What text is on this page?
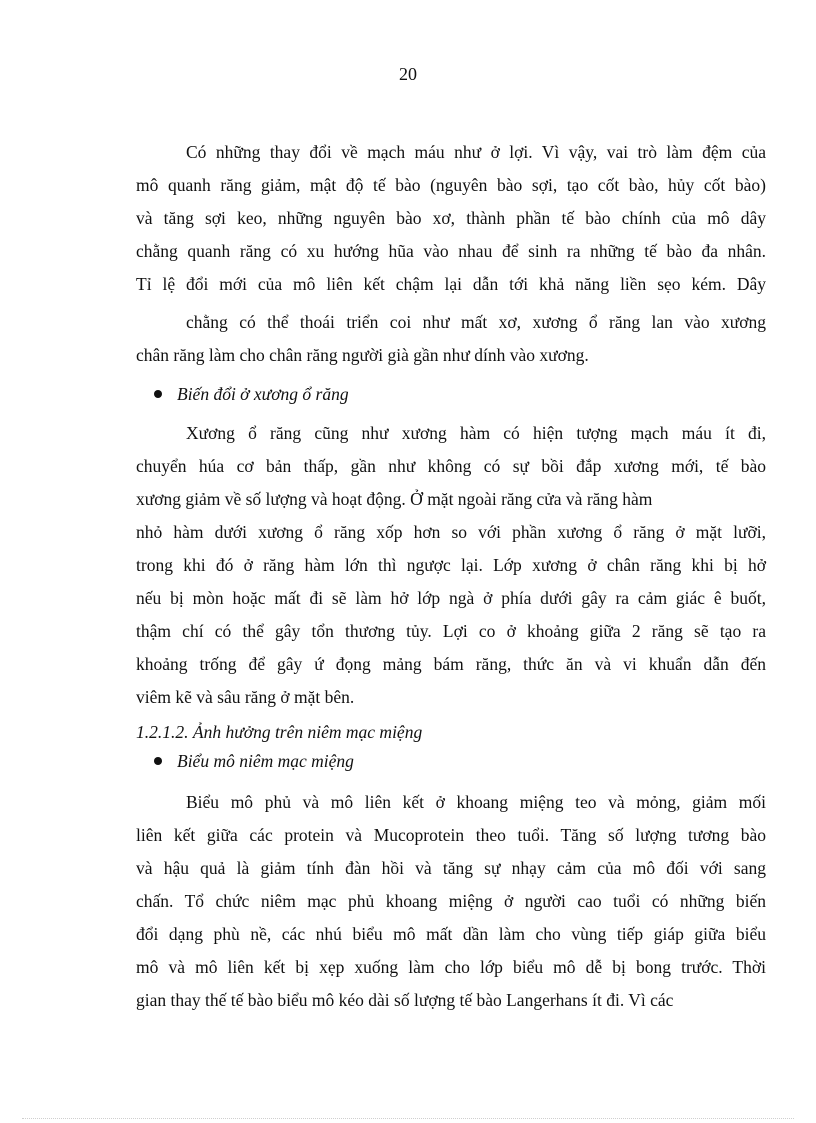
20
Có những thay đổi về mạch máu như ở lợi. Vì vậy, vai trò làm đệm của
mô quanh răng giảm, mật độ tế bào (nguyên bào sợi, tạo cốt bào, hủy cốt bào)
và tăng sợi keo, những nguyên bào xơ, thành phần tế bào chính của mô dây
chằng quanh răng có xu hướng hũa vào nhau để sinh ra những tế bào đa nhân.
Tỉ lệ đổi mới của mô liên kết chậm lại dẫn tới khả năng liền sẹo kém. Dây
chằng có thể thoái triển coi như mất xơ, xương ổ răng lan vào xương
chân răng làm cho chân răng người già gần như dính vào xương.
Biến đổi ở xương ổ răng
Xương ổ răng cũng như xương hàm có hiện tượng mạch máu ít đi,
chuyển húa cơ bản thấp, gần như không có sự bồi đắp xương mới, tế bào
xương giảm về số lượng và hoạt động. Ở mặt ngoài răng cửa và răng hàm
nhỏ hàm dưới xương ổ răng xốp hơn so với phần xương ổ răng ở mặt lưỡi,
trong khi đó ở răng hàm lớn thì ngược lại. Lớp xương ở chân răng khi bị hở
nếu bị mòn hoặc mất đi sẽ làm hở lớp ngà ở phía dưới gây ra cảm giác ê buốt,
thậm chí có thể gây tổn thương tủy. Lợi co ở khoảng giữa 2 răng sẽ tạo ra
khoảng trống để gây ứ đọng mảng bám răng, thức ăn và vi khuẩn dẫn đến
viêm kẽ và sâu răng ở mặt bên.
1.2.1.2. Ảnh hưởng trên niêm mạc miệng
Biểu mô niêm mạc miệng
Biểu mô phủ và mô liên kết ở khoang miệng teo và mỏng, giảm mối
liên kết giữa các protein và Mucoprotein theo tuổi. Tăng số lượng tương bào
và hậu quả là giảm tính đàn hồi và tăng sự nhạy cảm của mô đối với sang
chấn. Tổ chức niêm mạc phủ khoang miệng ở người cao tuổi có những biến
đổi dạng phù nề, các nhú biểu mô mất dần làm cho vùng tiếp giáp giữa biểu
mô và mô liên kết bị xẹp xuống làm cho lớp biểu mô dễ bị bong trước. Thời
gian thay thế tế bào biểu mô kéo dài số lượng tế bào Langerhans ít đi. Vì các
